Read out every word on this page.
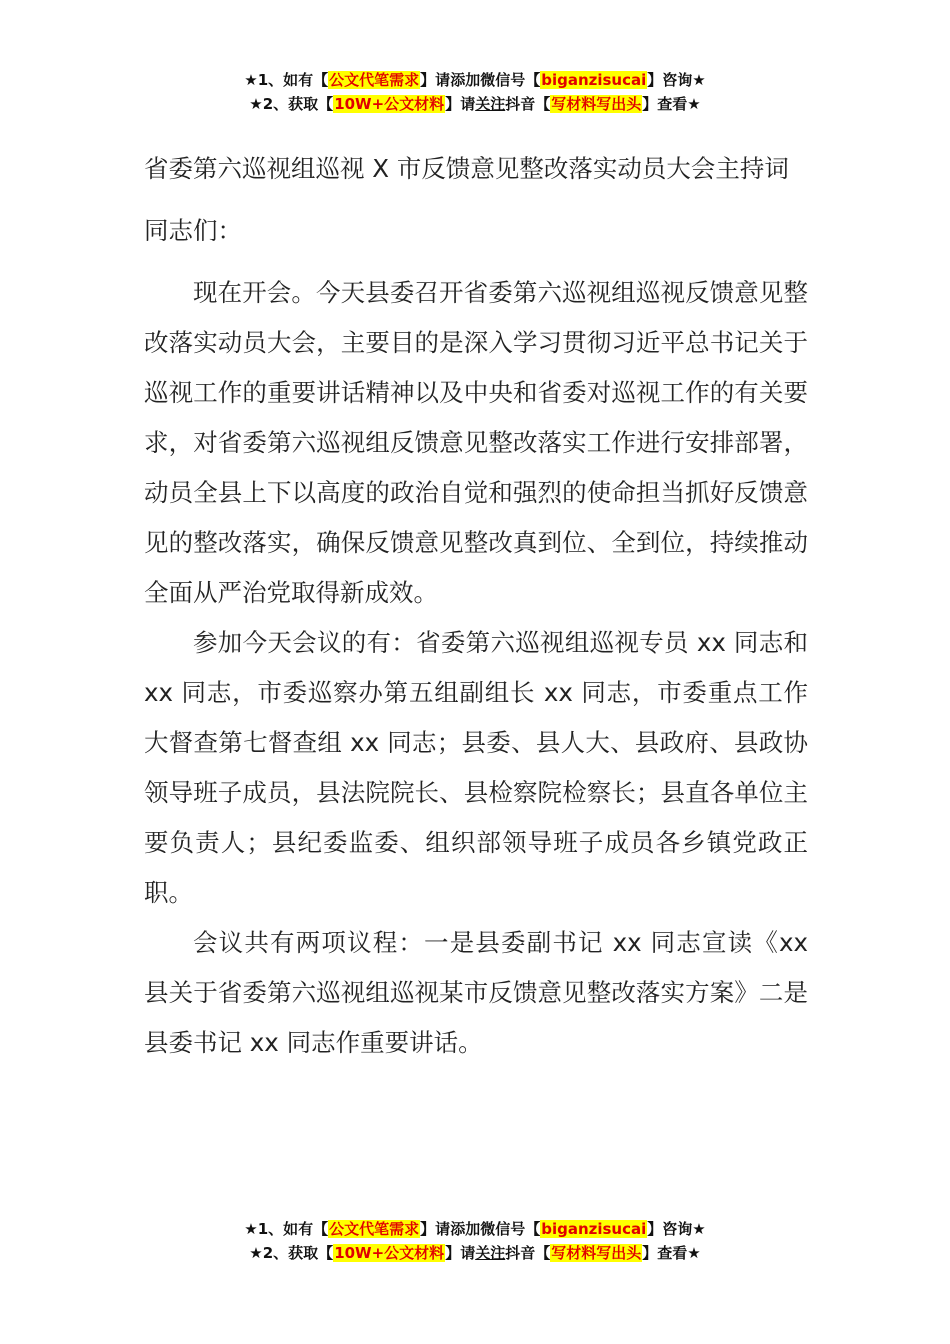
★1、如有【公文代笔需求】请添加微信号【biganzisucai】咨询★
★2、获取【10W+公文材料】请关注抖音【写材料写出头】查看★

省委第六巡视组巡视 X 市反馈意见整改落实动员大会主持词

同志们：

现在开会。今天县委召开省委第六巡视组巡视反馈意见整改落实动员大会，主要目的是深入学习贯彻习近平总书记关于巡视工作的重要讲话精神以及中央和省委对巡视工作的有关要求，对省委第六巡视组反馈意见整改落实工作进行安排部署，动员全县上下以高度的政治自觉和强烈的使命担当抓好反馈意见的整改落实，确保反馈意见整改真到位、全到位，持续推动全面从严治党取得新成效。

参加今天会议的有：省委第六巡视组巡视专员 xx 同志和 xx 同志，市委巡察办第五组副组长 xx 同志，市委重点工作大督查第七督查组 xx 同志；县委、县人大、县政府、县政协领导班子成员，县法院院长、县检察院检察长；县直各单位主要负责人；县纪委监委、组织部领导班子成员各乡镇党政正职。

会议共有两项议程：一是县委副书记 xx 同志宣读《xx 县关于省委第六巡视组巡视某市反馈意见整改落实方案》二是县委书记 xx 同志作重要讲话。

★1、如有【公文代笔需求】请添加微信号【biganzisucai】咨询★
★2、获取【10W+公文材料】请关注抖音【写材料写出头】查看★
